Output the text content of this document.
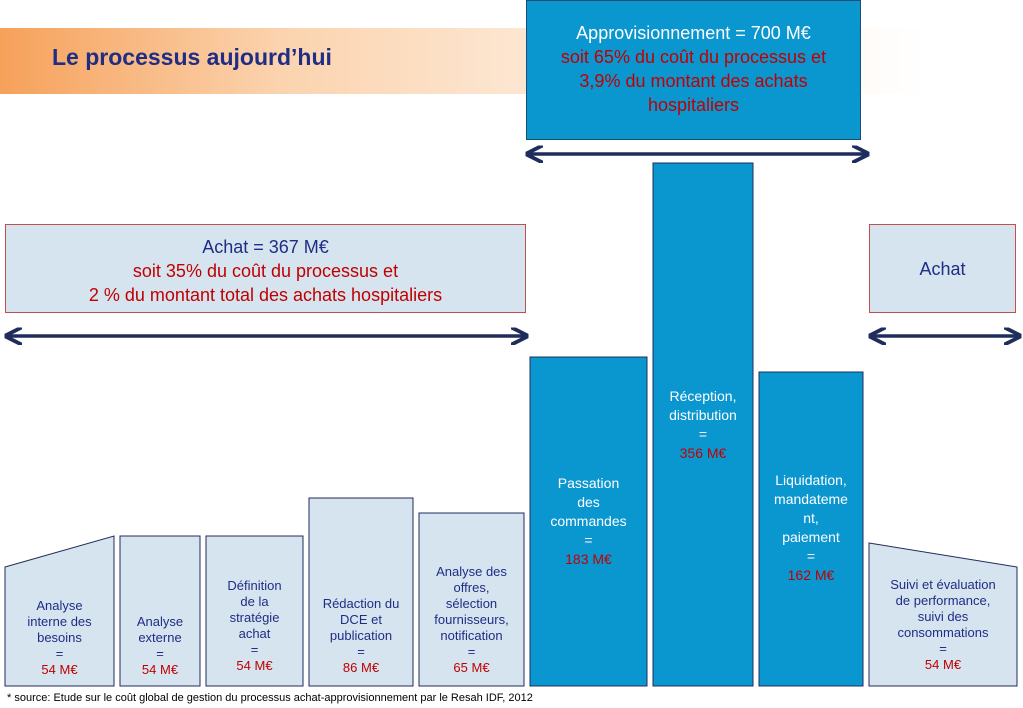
Le processus aujourd’hui
Approvisionnement = 700 M€
soit 65% du coût du processus et
3,9% du montant des achats
hospitaliers
Achat = 367 M€
soit 35% du coût du processus et
2 % du montant total des achats hospitaliers
Achat
Analyse
interne des
besoins
=
54 M€
Analyse
externe
=
54 M€
Définition
de la
stratégie
achat
=
54 M€
Rédaction du
DCE et
publication
=
86 M€
Analyse des
offres,
sélection
fournisseurs,
notification
=
65 M€
Passation
des
commandes
=
183 M€
Réception,
distribution
=
356 M€
Liquidation,
mandateme
nt,
paiement
=
162 M€
Suivi et évaluation
de performance,
suivi des
consommations
=
54 M€

* source: Etude sur le coût global de gestion du processus achat-approvisionnement par le Resah IDF, 2012
